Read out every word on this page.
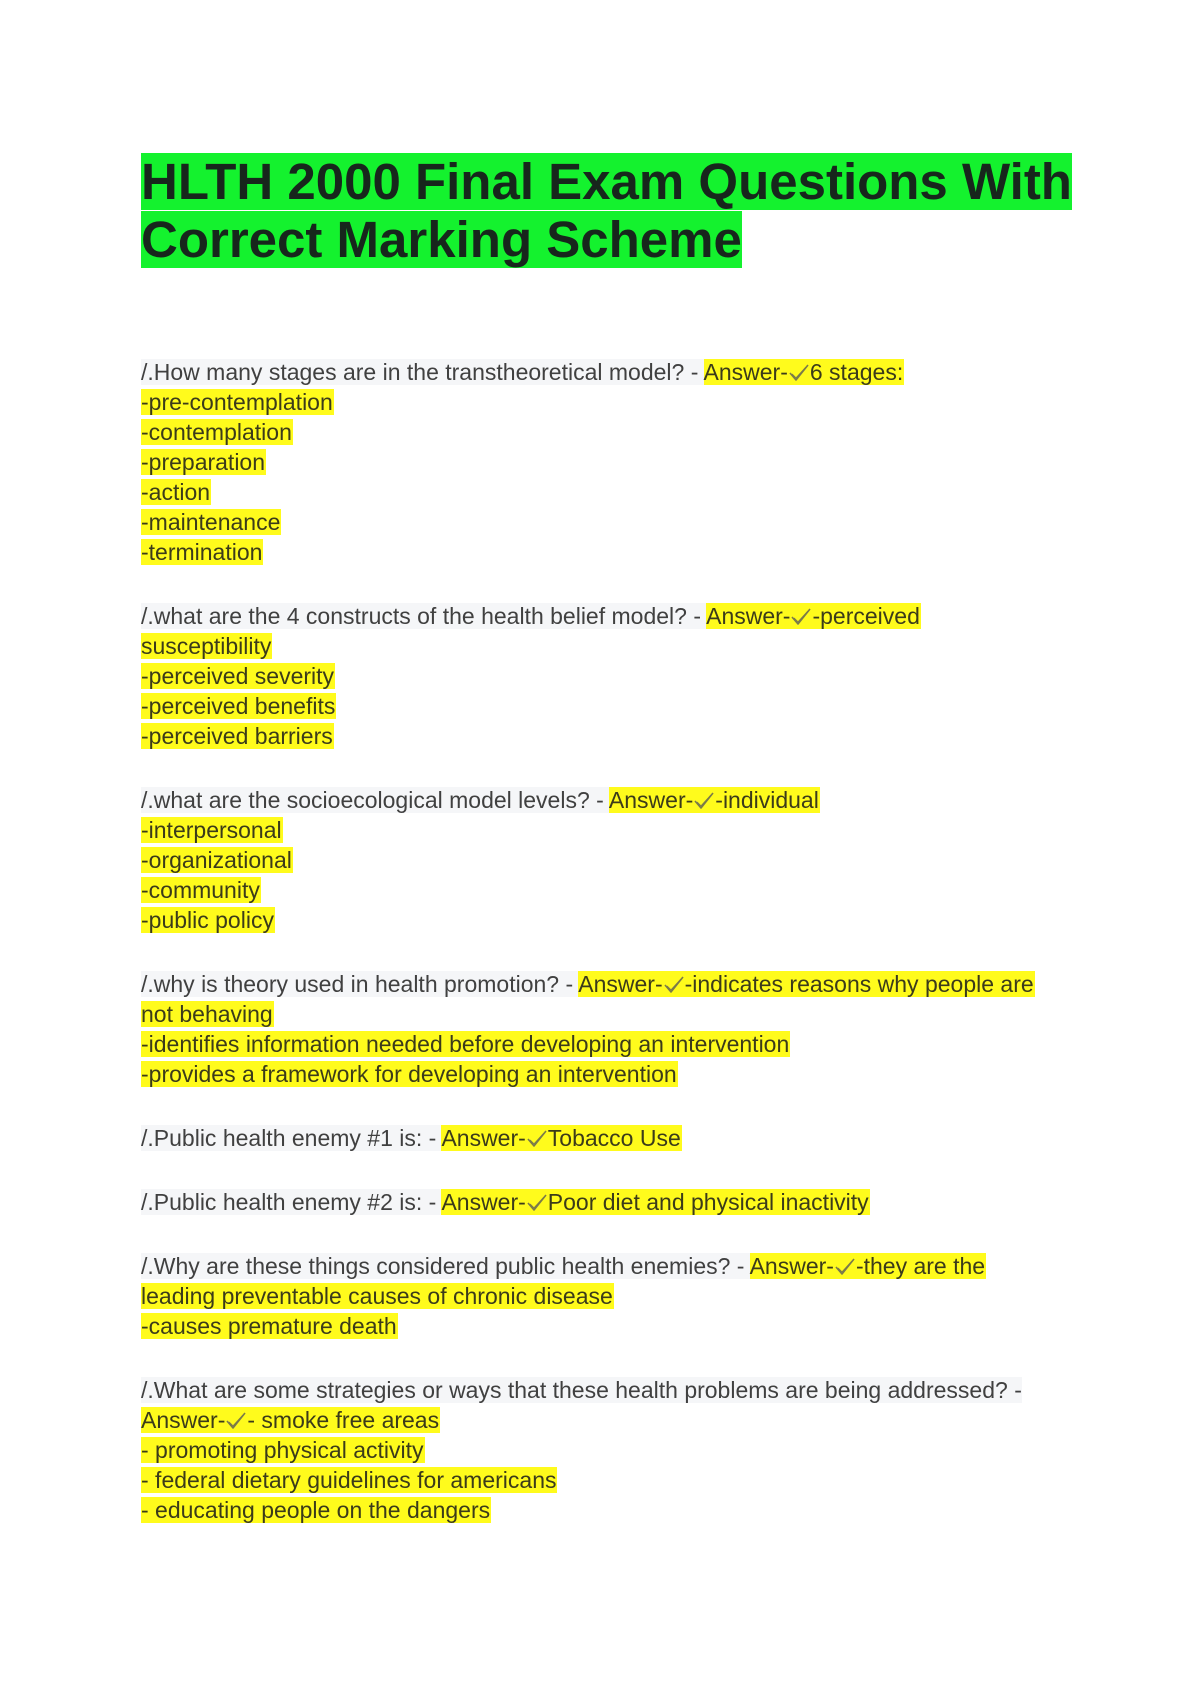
HLTH 2000 Final Exam Questions With
Correct Marking Scheme
/.How many stages are in the transtheoretical model? - Answer- 6 stages:
-pre-contemplation
-contemplation
-preparation
-action
-maintenance
-termination
/.what are the 4 constructs of the health belief model? - Answer- -perceived
susceptibility
-perceived severity
-perceived benefits
-perceived barriers
/.what are the socioecological model levels? - Answer- -individual
-interpersonal
-organizational
-community
-public policy
/.why is theory used in health promotion? - Answer- -indicates reasons why people are
not behaving
-identifies information needed before developing an intervention
-provides a framework for developing an intervention
/.Public health enemy #1 is: - Answer- Tobacco Use
/.Public health enemy #2 is: - Answer- Poor diet and physical inactivity
/.Why are these things considered public health enemies? - Answer- -they are the
leading preventable causes of chronic disease
-causes premature death
/.What are some strategies or ways that these health problems are being addressed? -
Answer- - smoke free areas
- promoting physical activity
- federal dietary guidelines for americans
- educating people on the dangers
